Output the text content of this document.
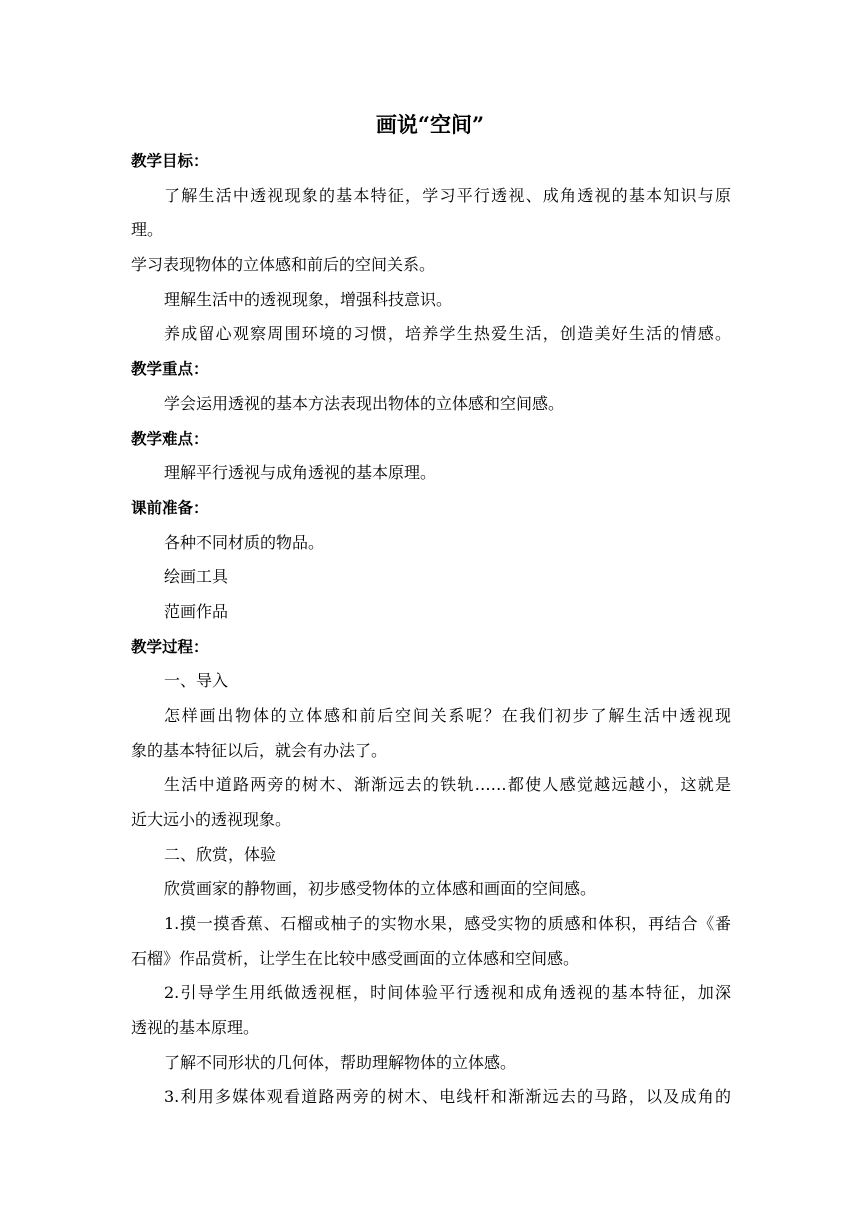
画说“空间”
教学目标：
了解生活中透视现象的基本特征，学习平行透视、成角透视的基本知识与原
理。
学习表现物体的立体感和前后的空间关系。
理解生活中的透视现象，增强科技意识。
养成留心观察周围环境的习惯，培养学生热爱生活，创造美好生活的情感。
教学重点：
学会运用透视的基本方法表现出物体的立体感和空间感。
教学难点：
理解平行透视与成角透视的基本原理。
课前准备：
各种不同材质的物品。
绘画工具
范画作品
教学过程：
一、导入
怎样画出物体的立体感和前后空间关系呢？在我们初步了解生活中透视现
象的基本特征以后，就会有办法了。
生活中道路两旁的树木、渐渐远去的铁轨……都使人感觉越远越小，这就是
近大远小的透视现象。
二、欣赏，体验
欣赏画家的静物画，初步感受物体的立体感和画面的空间感。
1.摸一摸香蕉、石榴或柚子的实物水果，感受实物的质感和体积，再结合《番
石榴》作品赏析，让学生在比较中感受画面的立体感和空间感。
2.引导学生用纸做透视框，时间体验平行透视和成角透视的基本特征，加深
透视的基本原理。
了解不同形状的几何体，帮助理解物体的立体感。
3.利用多媒体观看道路两旁的树木、电线杆和渐渐远去的马路，以及成角的
